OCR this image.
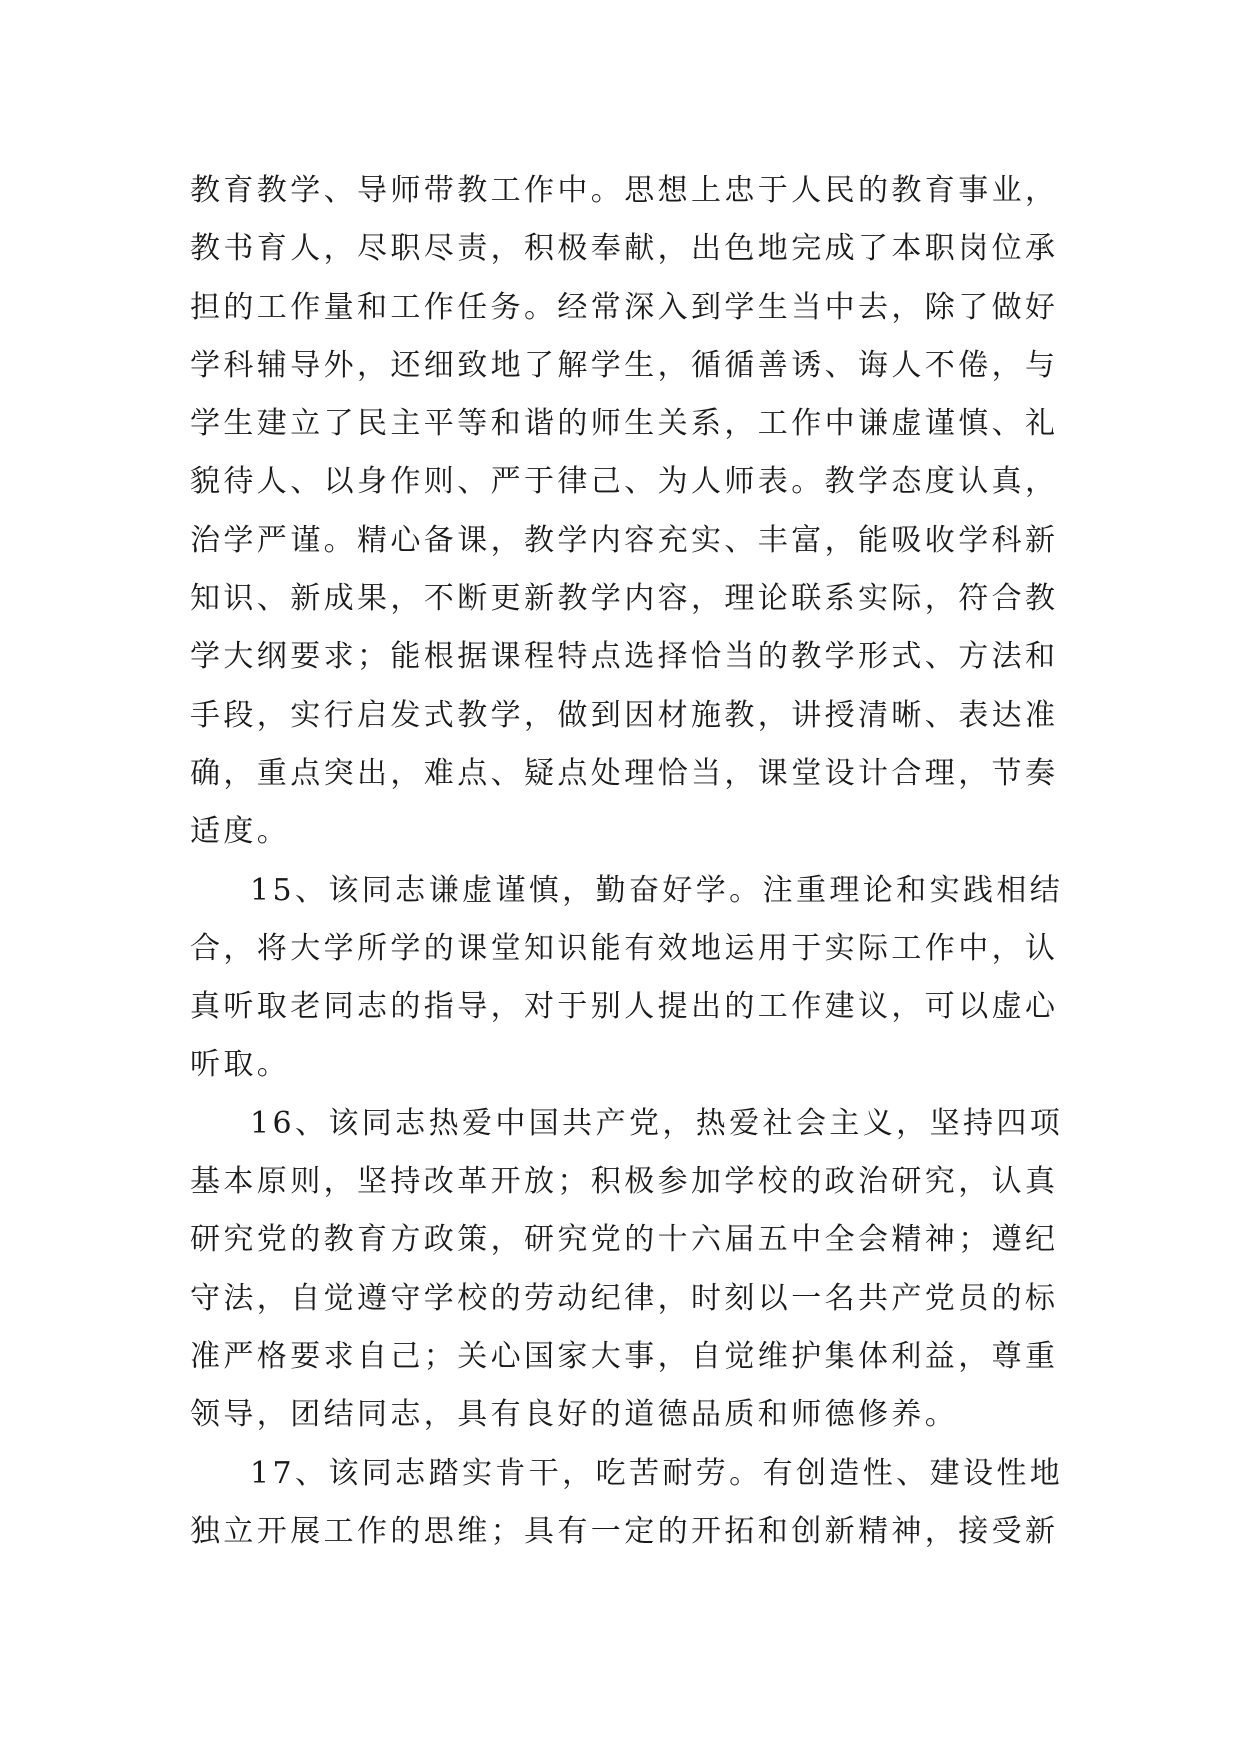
教育教学、导师带教工作中。思想上忠于人民的教育事业，
教书育人，尽职尽责，积极奉献，出色地完成了本职岗位承
担的工作量和工作任务。经常深入到学生当中去，除了做好
学科辅导外，还细致地了解学生，循循善诱、诲人不倦，与
学生建立了民主平等和谐的师生关系，工作中谦虚谨慎、礼
貌待人、以身作则、严于律己、为人师表。教学态度认真，
治学严谨。精心备课，教学内容充实、丰富，能吸收学科新
知识、新成果，不断更新教学内容，理论联系实际，符合教
学大纲要求；能根据课程特点选择恰当的教学形式、方法和
手段，实行启发式教学，做到因材施教，讲授清晰、表达准
确，重点突出，难点、疑点处理恰当，课堂设计合理，节奏
适度。
15、该同志谦虚谨慎，勤奋好学。注重理论和实践相结
合，将大学所学的课堂知识能有效地运用于实际工作中，认
真听取老同志的指导，对于别人提出的工作建议，可以虚心
听取。
16、该同志热爱中国共产党，热爱社会主义，坚持四项
基本原则，坚持改革开放；积极参加学校的政治研究，认真
研究党的教育方政策，研究党的十六届五中全会精神；遵纪
守法，自觉遵守学校的劳动纪律，时刻以一名共产党员的标
准严格要求自己；关心国家大事，自觉维护集体利益，尊重
领导，团结同志，具有良好的道德品质和师德修养。
17、该同志踏实肯干，吃苦耐劳。有创造性、建设性地
独立开展工作的思维；具有一定的开拓和创新精神，接受新
